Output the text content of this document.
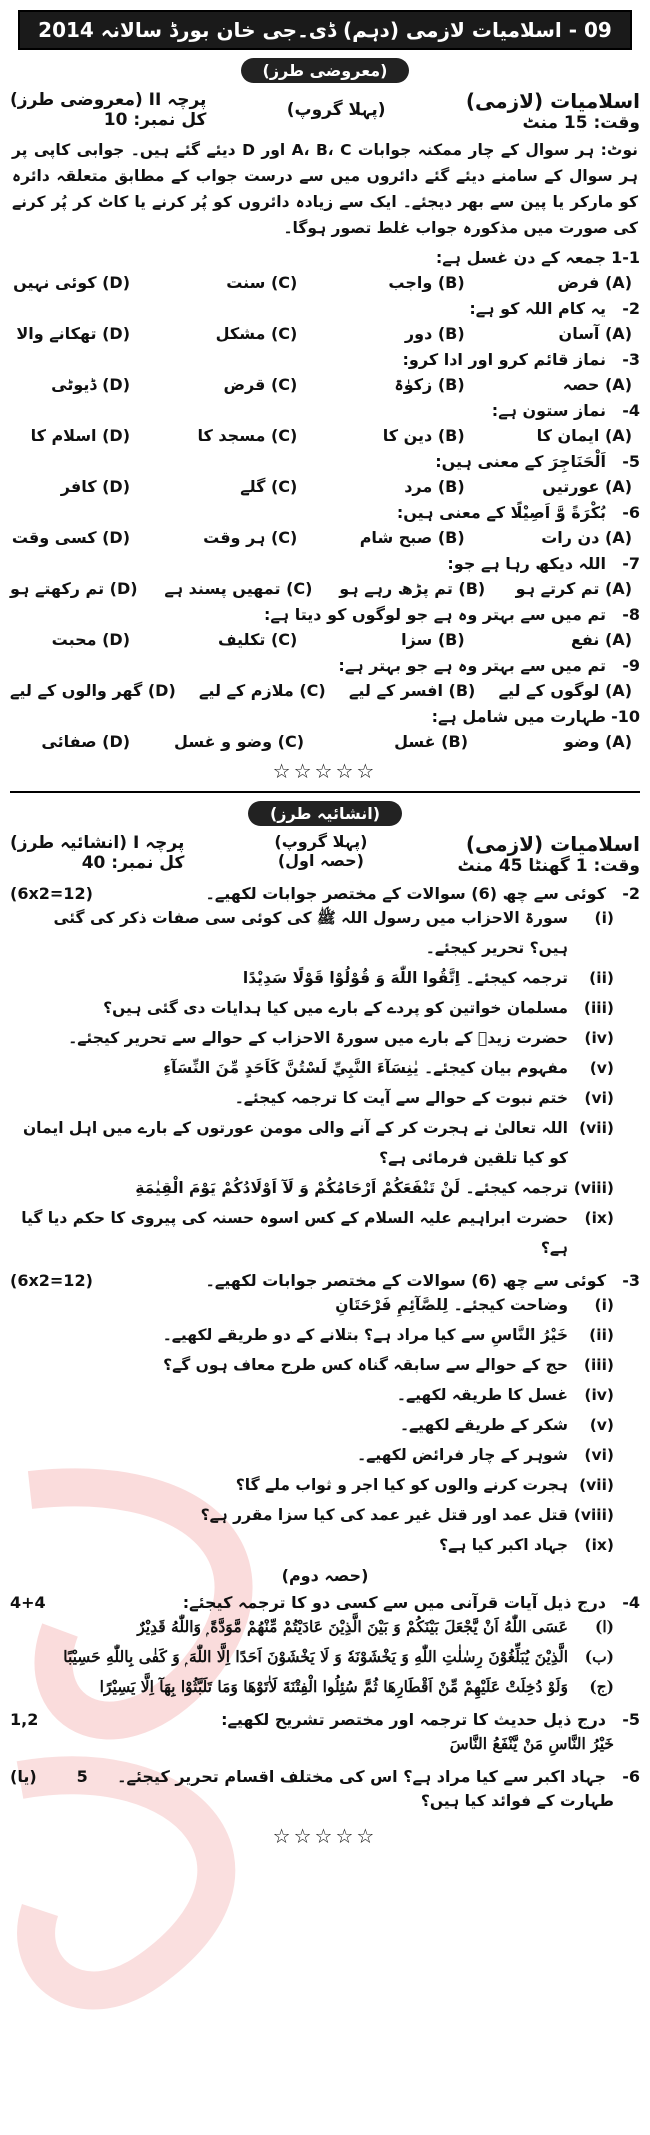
09 - اسلامیات لازمی (دہم) ڈی۔جی خان بورڈ سالانہ 2014
(معروضی طرز)
اسلامیات (لازمی)
وقت: 15 منٹ
(پہلا گروپ)
پرچہ II (معروضی طرز)
کل نمبر: 10
نوٹ: ہر سوال کے چار ممکنہ جوابات A، B، C اور D دیئے گئے ہیں۔ جوابی کاپی پر ہر سوال کے سامنے دیئے گئے دائروں میں سے درست جواب کے مطابق متعلقہ دائرہ کو مارکر یا پین سے بھر دیجئے۔ ایک سے زیادہ دائروں کو پُر کرنے یا کاٹ کر پُر کرنے کی صورت میں مذکورہ جواب غلط تصور ہوگا۔
1-1
جمعہ کے دن غسل ہے:
(A) فرض
(B) واجب
(C) سنت
(D) کوئی نہیں
2-
یہ کام اللہ کو ہے:
(A) آسان
(B) دور
(C) مشکل
(D) تھکانے والا
3-
نماز قائم کرو اور ادا کرو:
(A) حصہ
(B) زکوٰۃ
(C) قرض
(D) ڈیوٹی
4-
نماز ستون ہے:
(A) ایمان کا
(B) دین کا
(C) مسجد کا
(D) اسلام کا
5-
اَلْحَنَاجِرَ کے معنی ہیں:
(A) عورتیں
(B) مرد
(C) گلے
(D) کافر
6-
بُكْرَةً وَّ اَصِيْلًا کے معنی ہیں:
(A) دن رات
(B) صبح شام
(C) ہر وقت
(D) کسی وقت
7-
اللہ دیکھ رہا ہے جو:
(A) تم کرتے ہو
(B) تم پڑھ رہے ہو
(C) تمھیں پسند ہے
(D) تم رکھتے ہو
8-
تم میں سے بہتر وہ ہے جو لوگوں کو دیتا ہے:
(A) نفع
(B) سزا
(C) تکلیف
(D) محبت
9-
تم میں سے بہتر وہ ہے جو بہتر ہے:
(A) لوگوں کے لیے
(B) افسر کے لیے
(C) ملازم کے لیے
(D) گھر والوں کے لیے
10-
طہارت میں شامل ہے:
(A) وضو
(B) غسل
(C) وضو و غسل
(D) صفائی
☆☆☆☆☆
(انشائیہ طرز)
اسلامیات (لازمی)
وقت: 1 گھنٹا 45 منٹ
(پہلا گروپ)
(حصہ اول)
پرچہ I (انشائیہ طرز)
کل نمبر: 40
2-
کوئی سے چھ (6) سوالات کے مختصر جوابات لکھیے۔
(6x2=12)
(i)
سورۃ الاحزاب میں رسول اللہ ﷺ کی کوئی سی صفات ذکر کی گئی ہیں؟ تحریر کیجئے۔
(ii)
ترجمہ کیجئے۔ اِتَّقُوا اللّٰهَ وَ قُوْلُوْا قَوْلًا سَدِيْدًا
(iii)
مسلمان خواتین کو پردے کے بارے میں کیا ہدایات دی گئی ہیں؟
(iv)
حضرت زیدؓ کے بارے میں سورۃ الاحزاب کے حوالے سے تحریر کیجئے۔
(v)
مفہوم بیان کیجئے۔ يٰنِسَآءَ النَّبِيِّ لَسْتُنَّ كَاَحَدٍ مِّنَ النِّسَآءِ
(vi)
ختم نبوت کے حوالے سے آیت کا ترجمہ کیجئے۔
(vii)
اللہ تعالیٰ نے ہجرت کر کے آنے والی مومن عورتوں کے بارے میں اہل ایمان کو کیا تلقین فرمائی ہے؟
(viii)
ترجمہ کیجئے۔ لَنْ تَنْفَعَكُمْ اَرْحَامُكُمْ وَ لَآ اَوْلَادُكُمْ يَوْمَ الْقِيٰمَةِ
(ix)
حضرت ابراہیم علیہ السلام کے کس اسوہ حسنہ کی پیروی کا حکم دیا گیا ہے؟
3-
کوئی سے چھ (6) سوالات کے مختصر جوابات لکھیے۔
(6x2=12)
(i)
وضاحت کیجئے۔ لِلصَّآئِمِ فَرْحَتَانِ
(ii)
خَيْرُ النَّاسِ سے کیا مراد ہے؟ بتلانے کے دو طریقے لکھیے۔
(iii)
حج کے حوالے سے سابقہ گناہ کس طرح معاف ہوں گے؟
(iv)
غسل کا طریقہ لکھیے۔
(v)
شکر کے طریقے لکھیے۔
(vi)
شوہر کے چار فرائض لکھیے۔
(vii)
ہجرت کرنے والوں کو کیا اجر و ثواب ملے گا؟
(viii)
قتل عمد اور قتل غیر عمد کی کیا سزا مقرر ہے؟
(ix)
جہاد اکبر کیا ہے؟
(حصہ دوم)
4-
درج ذیل آیات قرآنی میں سے کسی دو کا ترجمہ کیجئے:
4+4
(ا)
عَسَى اللّٰهُ اَنْ يَّجْعَلَ بَيْنَكُمْ وَ بَيْنَ الَّذِيْنَ عَادَيْتُمْ مِّنْهُمْ مَّوَدَّةً ۭ وَاللّٰهُ قَدِيْرٌ
(ب)
الَّذِيْنَ يُبَلِّغُوْنَ رِسٰلٰتِ اللّٰهِ وَ يَخْشَوْنَهٗ وَ لَا يَخْشَوْنَ اَحَدًا اِلَّا اللّٰهَ ۭ وَ كَفٰى بِاللّٰهِ حَسِيْبًا
(ج)
وَلَوْ دُخِلَتْ عَلَيْهِمْ مِّنْ اَقْطَارِهَا ثُمَّ سُئِلُوا الْفِتْنَةَ لَاٰتَوْهَا وَمَا تَلَبَّثُوْا بِهَآ اِلَّا يَسِيْرًا
5-
درج ذیل حدیث کا ترجمہ اور مختصر تشریح لکھیے:
1,2
خَيْرُ النَّاسِ مَنْ يَّنْفَعُ النَّاسَ
6-
جہاد اکبر سے کیا مراد ہے؟ اس کی مختلف اقسام تحریر کیجئے۔
(یا)	5
طہارت کے فوائد کیا ہیں؟
☆☆☆☆☆
